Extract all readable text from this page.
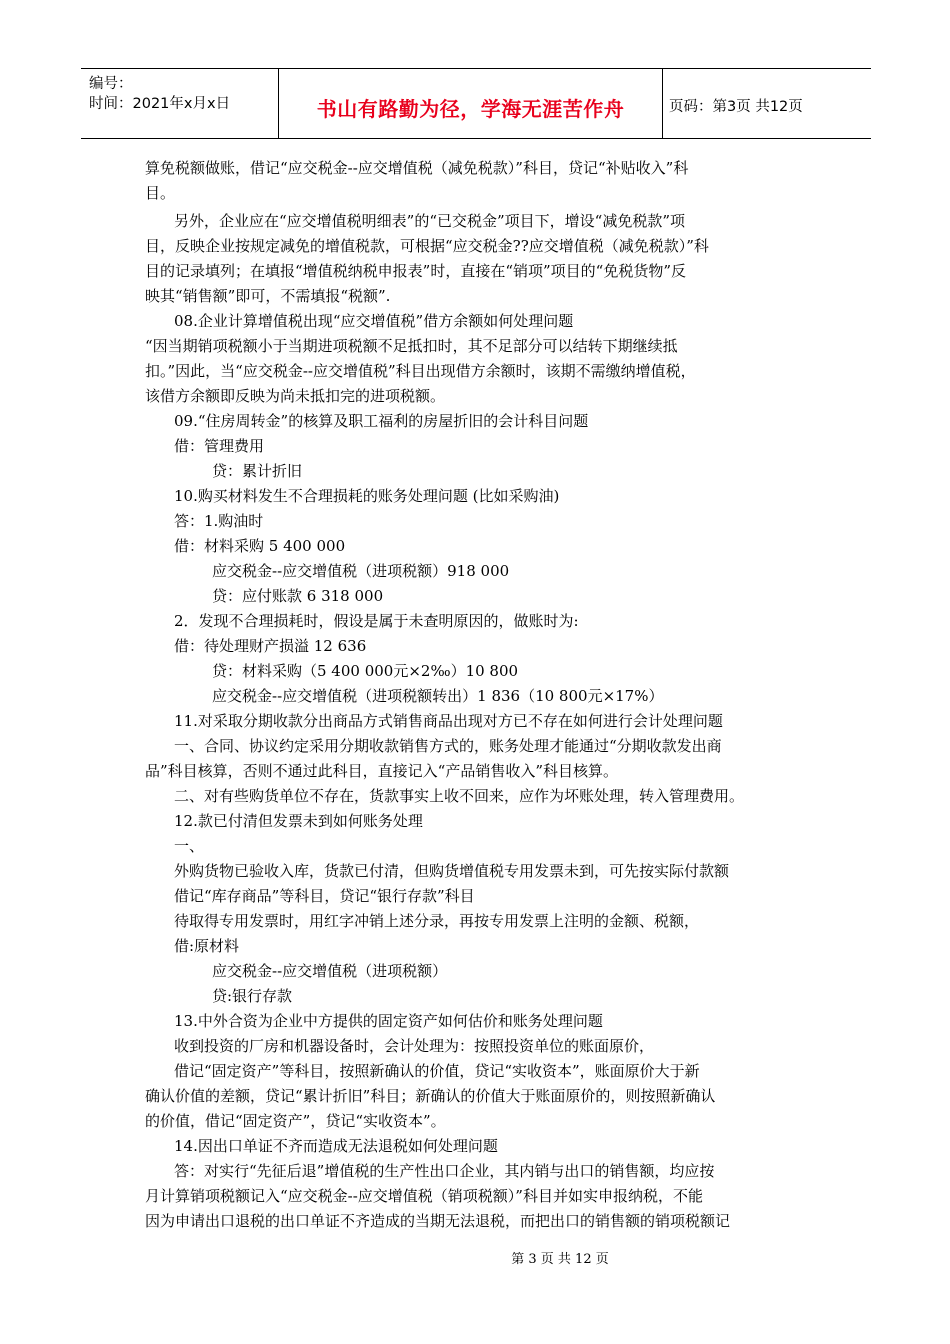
编号：
时间：2021年x月x日	书山有路勤为径，学海无涯苦作舟	页码：第3页 共12页
算免税额做账，借记“应交税金--应交增值税（减免税款）”科目，贷记“补贴收入”科
目。
另外，企业应在“应交增值税明细表”的“已交税金”项目下，增设“减免税款”项
目，反映企业按规定减免的增值税款，可根据“应交税金??应交增值税（减免税款）”科
目的记录填列；在填报“增值税纳税申报表”时，直接在“销项”项目的“免税货物”反
映其“销售额”即可，不需填报“税额”.
08.企业计算增值税出现“应交增值税”借方余额如何处理问题
“因当期销项税额小于当期进项税额不足抵扣时，其不足部分可以结转下期继续抵
扣。”因此，当“应交税金--应交增值税”科目出现借方余额时，该期不需缴纳增值税，
该借方余额即反映为尚未抵扣完的进项税额。
09.“住房周转金”的核算及职工福利的房屋折旧的会计科目问题
借：管理费用
贷：累计折旧
10.购买材料发生不合理损耗的账务处理问题 (比如采购油)
答：1.购油时
借：材料采购 5 400 000
应交税金--应交增值税（进项税额）918 000
贷：应付账款 6 318 000
2．发现不合理损耗时，假设是属于未查明原因的，做账时为:
借：待处理财产损溢 12 636
贷：材料采购（5 400 000元×2‰）10 800
应交税金--应交增值税（进项税额转出）1 836（10 800元×17%）
11.对采取分期收款分出商品方式销售商品出现对方已不存在如何进行会计处理问题
一、合同、协议约定采用分期收款销售方式的，账务处理才能通过“分期收款发出商
品”科目核算，否则不通过此科目，直接记入“产品销售收入”科目核算。
二、对有些购货单位不存在，货款事实上收不回来，应作为坏账处理，转入管理费用。
12.款已付清但发票未到如何账务处理
一、
外购货物已验收入库，货款已付清，但购货增值税专用发票未到，可先按实际付款额
借记“库存商品”等科目，贷记“银行存款”科目
待取得专用发票时，用红字冲销上述分录，再按专用发票上注明的金额、税额，
借:原材料
应交税金--应交增值税（进项税额）
贷:银行存款
13.中外合资为企业中方提供的固定资产如何估价和账务处理问题
收到投资的厂房和机器设备时，会计处理为：按照投资单位的账面原价，
借记“固定资产”等科目，按照新确认的价值，贷记“实收资本”，账面原价大于新
确认价值的差额，贷记“累计折旧”科目；新确认的价值大于账面原价的，则按照新确认
的价值，借记“固定资产”，贷记“实收资本”。
14.因出口单证不齐而造成无法退税如何处理问题
答：对实行“先征后退”增值税的生产性出口企业，其内销与出口的销售额，均应按
月计算销项税额记入“应交税金--应交增值税（销项税额）”科目并如实申报纳税，不能
因为申请出口退税的出口单证不齐造成的当期无法退税，而把出口的销售额的销项税额记
第 3 页 共 12 页
